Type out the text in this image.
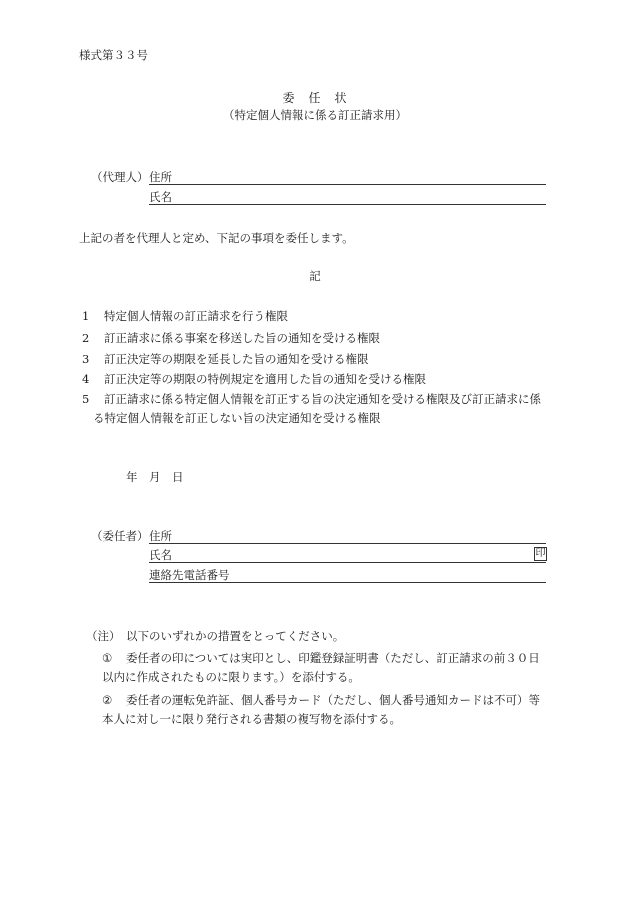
様式第３３号
委　任　状
（特定個人情報に係る訂正請求用）
（代理人） 住所
氏名
上記の者を代理人と定め、下記の事項を委任します。
記
1 特定個人情報の訂正請求を行う権限
2 訂正請求に係る事案を移送した旨の通知を受ける権限
3 訂正決定等の期限を延長した旨の通知を受ける権限
4 訂正決定等の期限の特例規定を適用した旨の通知を受ける権限
5 訂正請求に係る特定個人情報を訂正する旨の決定通知を受ける権限及び訂正請求に係
る特定個人情報を訂正しない旨の決定通知を受ける権限
年　月　日
（委任者） 住所
氏名	印
連絡先電話番号
（注） 以下のいずれかの措置をとってください。
① 委任者の印については実印とし、印鑑登録証明書（ただし、訂正請求の前３０日
以内に作成されたものに限ります。）を添付する。
② 委任者の運転免許証、個人番号カード（ただし、個人番号通知カードは不可）等
本人に対し一に限り発行される書類の複写物を添付する。
